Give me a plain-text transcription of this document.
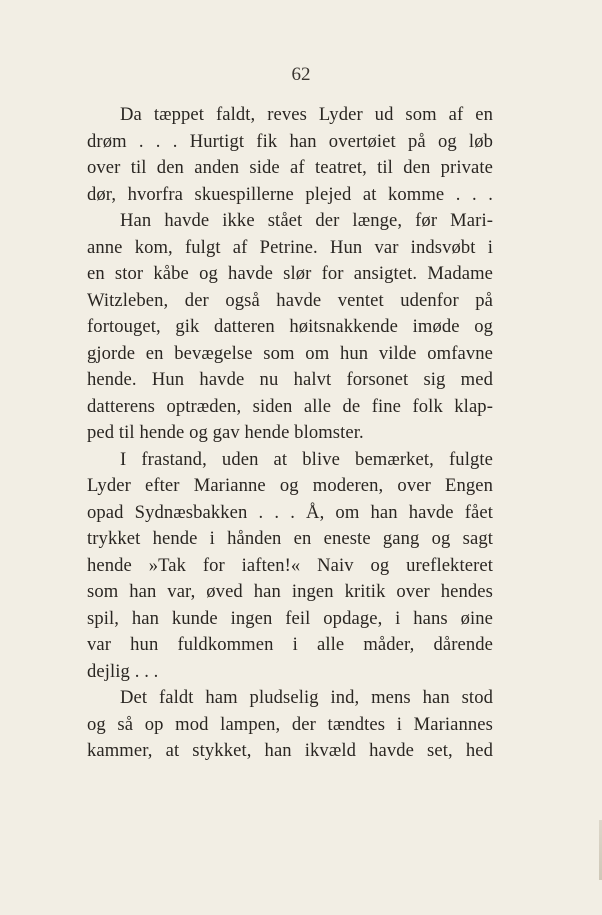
62
Da tæppet faldt, reves Lyder ud som af en
drøm . . . Hurtigt fik han overtøiet på og løb
over til den anden side af teatret, til den private
dør, hvorfra skuespillerne plejed at komme . . .
Han havde ikke stået der længe, før Mari-
anne kom, fulgt af Petrine. Hun var indsvøbt i
en stor kåbe og havde slør for ansigtet. Madame
Witzleben, der også havde ventet udenfor på
fortouget, gik datteren høitsnakkende imøde og
gjorde en bevægelse som om hun vilde omfavne
hende. Hun havde nu halvt forsonet sig med
datterens optræden, siden alle de fine folk klap-
ped til hende og gav hende blomster.
I frastand, uden at blive bemærket, fulgte
Lyder efter Marianne og moderen, over Engen
opad Sydnæsbakken . . . Å, om han havde fået
trykket hende i hånden en eneste gang og sagt
hende »Tak for iaften!« Naiv og ureflekteret
som han var, øved han ingen kritik over hendes
spil, han kunde ingen feil opdage, i hans øine
var hun fuldkommen i alle måder, dårende
dejlig . . .
Det faldt ham pludselig ind, mens han stod
og så op mod lampen, der tændtes i Mariannes
kammer, at stykket, han ikvæld havde set, hed
